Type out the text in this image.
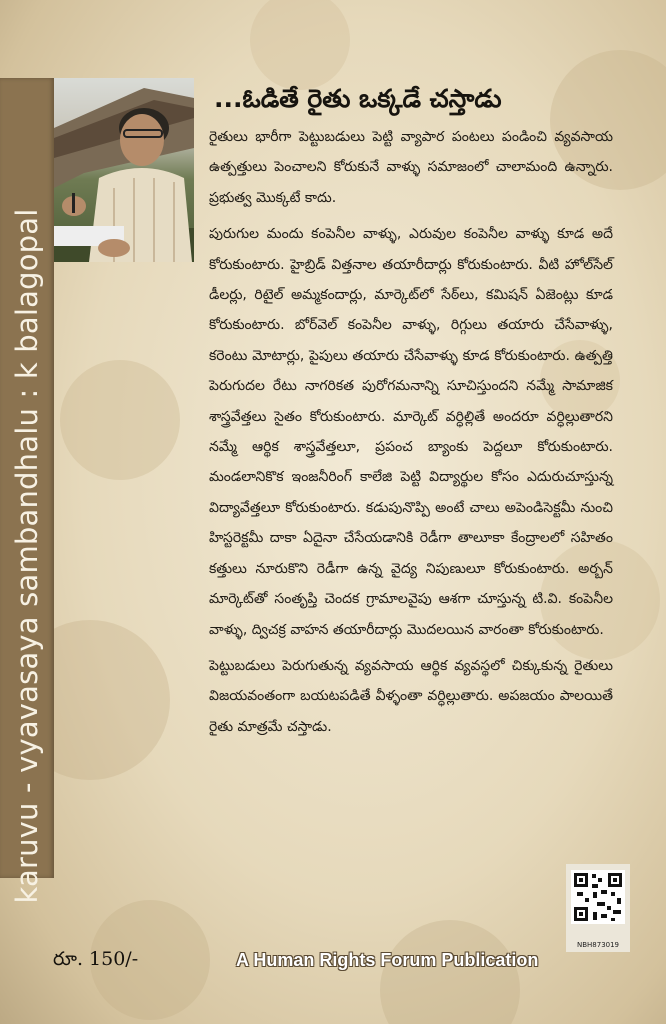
karuvu - vyavasaya sambandhalu : k balagopal
...ఓడితే రైతు ఒక్కడే చస్తాడు

రైతులు భారీగా పెట్టుబడులు పెట్టి వ్యాపార పంటలు పండించి వ్యవసాయ ఉత్పత్తులు పెంచాలని కోరుకునే వాళ్ళు సమాజంలో చాలామంది ఉన్నారు. ప్రభుత్వ మొక్కటే కాదు.

పురుగుల మందు కంపెనీల వాళ్ళు, ఎరువుల కంపెనీల వాళ్ళు కూడ అదే కోరుకుంటారు. హైబ్రిడ్ విత్తనాల తయారీదార్లు కోరుకుంటారు. వీటి హోల్‌సేల్ డీలర్లు, రిటైల్ అమ్మకందార్లు, మార్కెట్‌లో సేఠ్‌లు, కమిషన్ ఏజెంట్లు కూడ కోరుకుంటారు. బోర్‌వెల్ కంపెనీల వాళ్ళు, రిగ్గులు తయారు చేసేవాళ్ళు, కరెంటు మోటార్లు, పైపులు తయారు చేసేవాళ్ళు కూడ కోరుకుంటారు. ఉత్పత్తి పెరుగుదల రేటు నాగరికత పురోగమనాన్ని సూచిస్తుందని నమ్మే సామాజిక శాస్త్రవేత్తలు సైతం కోరుకుంటారు. మార్కెట్ వర్ధిల్లితే అందరూ వర్ధిల్లుతారని నమ్మే ఆర్థిక శాస్త్రవేత్తలూ, ప్రపంచ బ్యాంకు పెద్దలూ కోరుకుంటారు. మండలానికొక ఇంజనీరింగ్ కాలేజి పెట్టి విద్యార్థుల కోసం ఎదురుచూస్తున్న విద్యావేత్తలూ కోరుకుంటారు. కడుపునొప్పి అంటే చాలు అపెండిసెక్టమీ నుంచి హిస్టరెక్టమీ దాకా ఏదైనా చేసేయడానికి రెడీగా తాలూకా కేంద్రాలలో సహితం కత్తులు నూరుకొని రెడీగా ఉన్న వైద్య నిపుణులూ కోరుకుంటారు. అర్బన్ మార్కెట్‌తో సంతృప్తి చెందక గ్రామాలవైపు ఆశగా చూస్తున్న టి.వి. కంపెనీల వాళ్ళు, ద్విచక్ర వాహన తయారీదార్లు మొదలయిన వారంతా కోరుకుంటారు.

పెట్టుబడులు పెరుగుతున్న వ్యవసాయ ఆర్థిక వ్యవస్థలో చిక్కుకున్న రైతులు విజయవంతంగా బయటపడితే వీళ్ళంతా వర్ధిల్లుతారు. అపజయం పాలయితే రైతు మాత్రమే చస్తాడు.

NBH873019
రూ. 150/-	A Human Rights Forum Publication
